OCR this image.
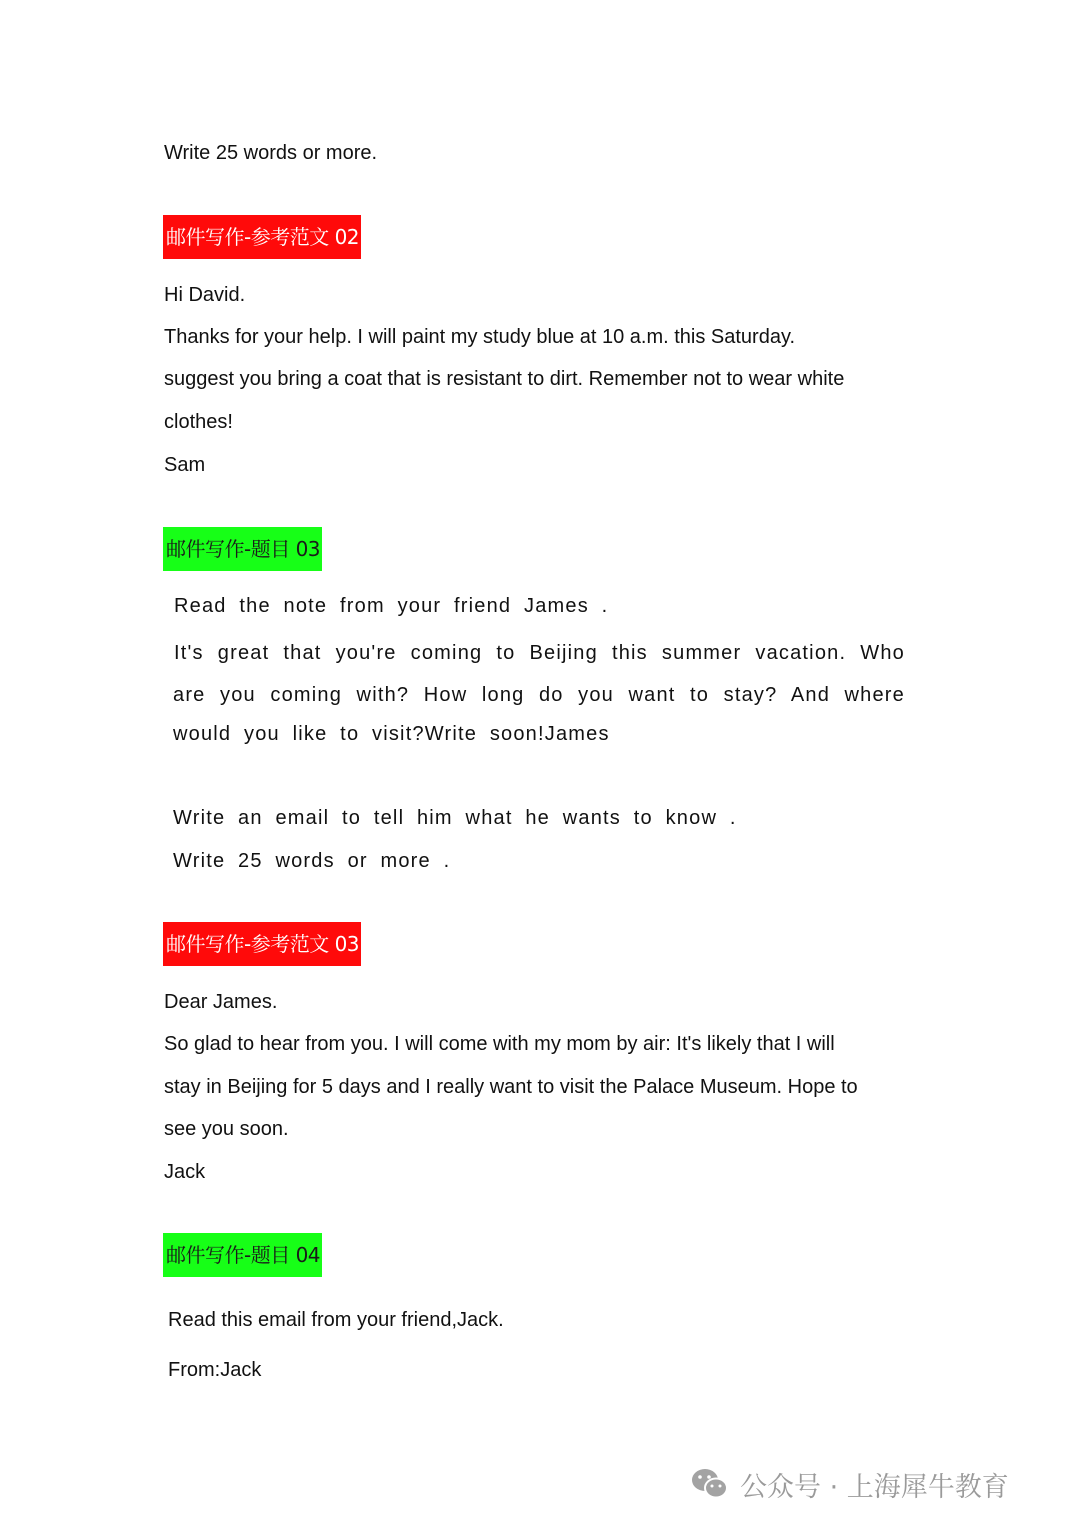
Write 25 words or more.
邮件写作-参考范文 02
Hi David.
Thanks for your help. I will paint my study blue at 10 a.m. this Saturday.
suggest you bring a coat that is resistant to dirt. Remember not to wear white
clothes!
Sam
邮件写作-题目 03
Read the note from your friend James .
It's great that you're coming to Beijing this summer vacation. Who
are you coming with? How long do you want to stay? And where
would you like to visit?Write soon!James
Write an email to tell him what he wants to know .
Write 25 words or more .
邮件写作-参考范文 03
Dear James.
So glad to hear from you. I will come with my mom by air: It's likely that I will
stay in Beijing for 5 days and I really want to visit the Palace Museum. Hope to
see you soon.
Jack
邮件写作-题目 04
Read this email from your friend,Jack.
From:Jack
公众号 · 上海犀牛教育
